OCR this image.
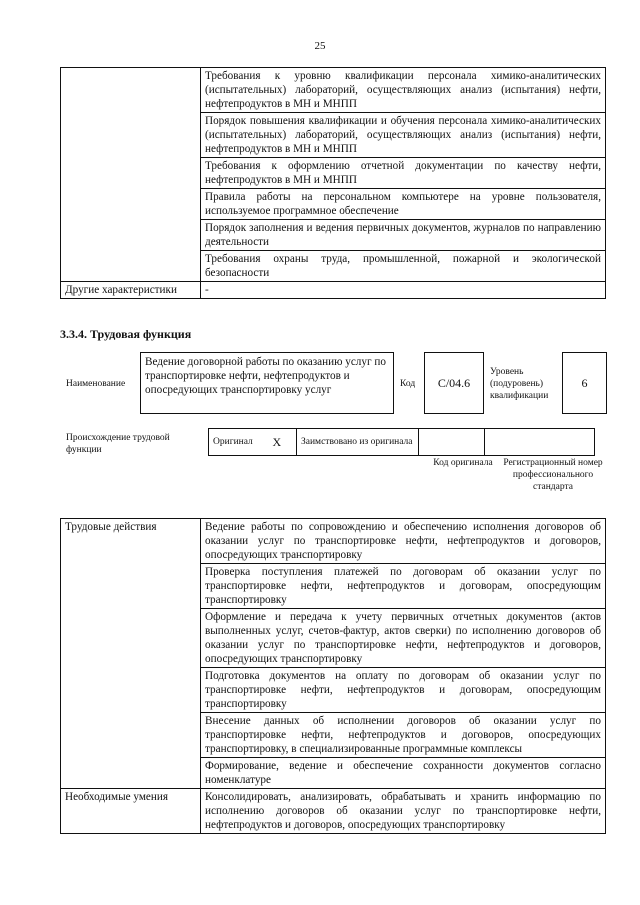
25
	Требования к уровню квалификации персонала химико-аналитических (испытательных) лабораторий, осуществляющих анализ (испытания) нефти, нефтепродуктов в МН и МНПП
	Порядок повышения квалификации и обучения персонала химико-аналитических (испытательных) лабораторий, осуществляющих анализ (испытания) нефти, нефтепродуктов в МН и МНПП
	Требования к оформлению отчетной документации по качеству нефти, нефтепродуктов в МН и МНПП
	Правила работы на персональном компьютере на уровне пользователя, используемое программное обеспечение
	Порядок заполнения и ведения первичных документов, журналов по направлению деятельности
	Требования охраны труда, промышленной, пожарной и экологической безопасности
Другие характеристики	-
3.3.4. Трудовая функция
Наименование
Ведение договорной работы по оказанию услуг по транспортировке нефти, нефтепродуктов и опосредующих транспортировку услуг	Код	C/04.6
Уровень (подуровень) квалификации
6
Происхождение трудовой функции
Оригинал	X	Заимствовано из оригинала		
Код оригинала	Регистрационный номер профессионального стандарта
Трудовые действия	Ведение работы по сопровождению и обеспечению исполнения договоров об оказании услуг по транспортировке нефти, нефтепродуктов и договоров, опосредующих транспортировку
	Проверка поступления платежей по договорам об оказании услуг по транспортировке нефти, нефтепродуктов и договорам, опосредующим транспортировку
	Оформление и передача к учету первичных отчетных документов (актов выполненных услуг, счетов-фактур, актов сверки) по исполнению договоров об оказании услуг по транспортировке нефти, нефтепродуктов и договоров, опосредующих транспортировку
	Подготовка документов на оплату по договорам об оказании услуг по транспортировке нефти, нефтепродуктов и договорам, опосредующим транспортировку
	Внесение данных об исполнении договоров об оказании услуг по транспортировке нефти, нефтепродуктов и договоров, опосредующих транспортировку, в специализированные программные комплексы
	Формирование, ведение и обеспечение сохранности документов согласно номенклатуре
Необходимые умения	Консолидировать, анализировать, обрабатывать и хранить информацию по исполнению договоров об оказании услуг по транспортировке нефти, нефтепродуктов и договоров, опосредующих транспортировку
